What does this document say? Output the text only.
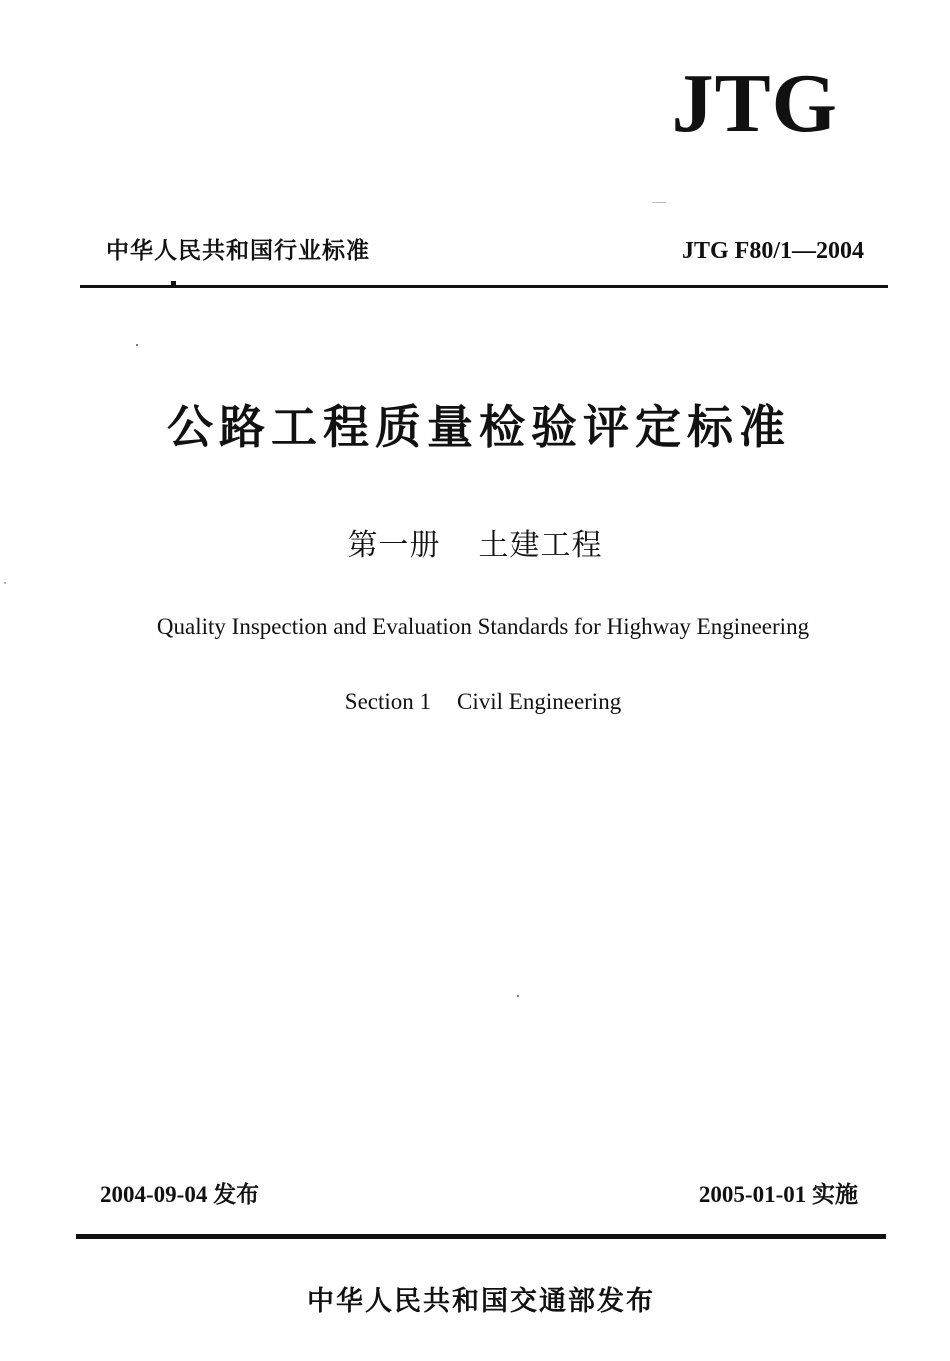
JTG
中华人民共和国行业标准	JTG F80/1—2004
公路工程质量检验评定标准
第一册 土建工程
Quality Inspection and Evaluation Standards for Highway Engineering
Section 1 Civil Engineering
2004-09-04 发布	2005-01-01 实施
中华人民共和国交通部发布
